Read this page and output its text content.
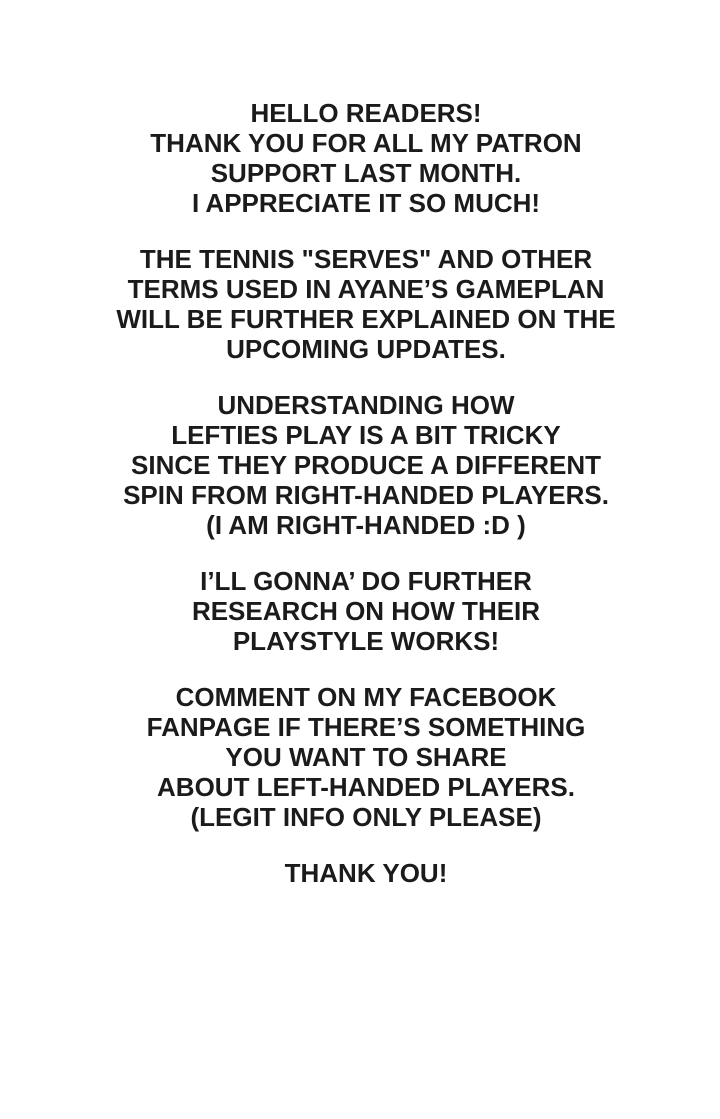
HELLO READERS!
THANK YOU FOR ALL MY PATRON
SUPPORT LAST MONTH.
I APPRECIATE IT SO MUCH!
THE TENNIS "SERVES" AND OTHER
TERMS USED IN AYANE’S GAMEPLAN
WILL BE FURTHER EXPLAINED ON THE
UPCOMING UPDATES.
UNDERSTANDING HOW
LEFTIES PLAY IS A BIT TRICKY
SINCE THEY PRODUCE A DIFFERENT
SPIN FROM RIGHT-HANDED PLAYERS.
(I AM RIGHT-HANDED :D )
I’LL GONNA’ DO FURTHER
RESEARCH ON HOW THEIR
PLAYSTYLE WORKS!
COMMENT ON MY FACEBOOK
FANPAGE IF THERE’S SOMETHING
YOU WANT TO SHARE
ABOUT LEFT-HANDED PLAYERS.
(LEGIT INFO ONLY PLEASE)
THANK YOU!
